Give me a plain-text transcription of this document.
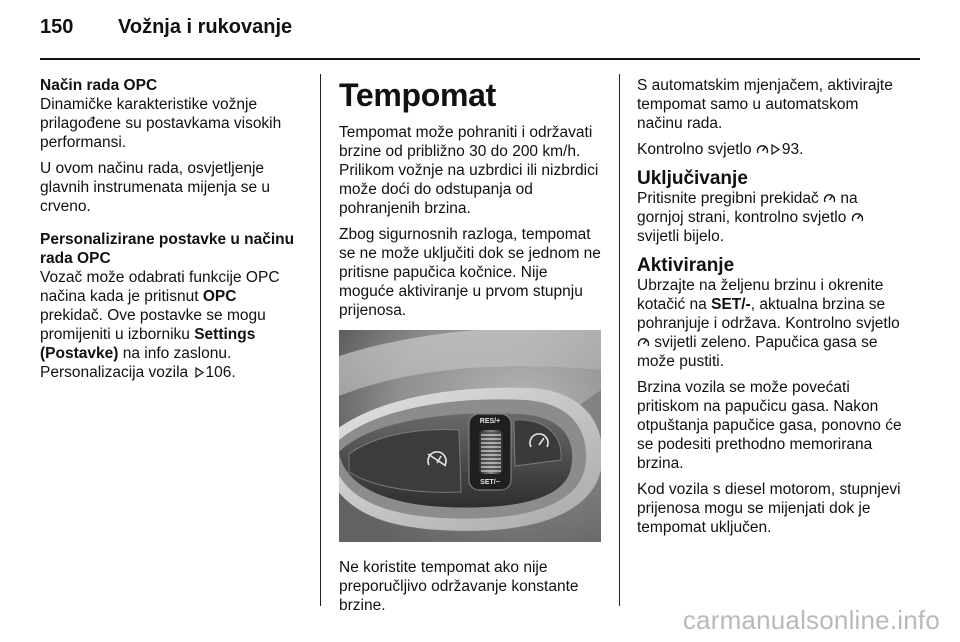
150	Vožnja i rukovanje
Način rada OPC

Dinamičke karakteristike vožnje prilagođene su postavkama visokih performansi.

U ovom načinu rada, osvjetljenje glavnih instrumenata mijenja se u crveno.

Personalizirane postavke u načinu rada OPC

Vozač može odabrati funkcije OPC načina kada je pritisnut OPC prekidač. Ove postavke se mogu promijeniti u izborniku Settings (Postavke) na info zaslonu. Personalizacija vozila 106.

Tempomat

Tempomat može pohraniti i održavati brzine od približno 30 do 200 km/h. Prilikom vožnje na uzbrdici ili nizbrdici može doći do odstupanja od pohranjenih brzina.

Zbog sigurnosnih razloga, tempomat se ne može uključiti dok se jednom ne pritisne papučica kočnice. Nije moguće aktiviranje u prvom stupnju prijenosa.

RES/+
SET/−

Ne koristite tempomat ako nije preporučljivo održavanje konstante brzine.

S automatskim mjenjačem, aktivirajte tempomat samo u automatskom načinu rada.

Kontrolno svjetlo 93.

Uključivanje

Pritisnite pregibni prekidač  na gornjoj strani, kontrolno svjetlo  svijetli bijelo.

Aktiviranje

Ubrzajte na željenu brzinu i okrenite kotačić na SET/-, aktualna brzina se pohranjuje i održava. Kontrolno svjetlo  svijetli zeleno. Papučica gasa se može pustiti.

Brzina vozila se može povećati pritiskom na papučicu gasa. Nakon otpuštanja papučice gasa, ponovno će se podesiti prethodno memorirana brzina.

Kod vozila s diesel motorom, stupnjevi prijenosa mogu se mijenjati dok je tempomat uključen.

carmanualsonline.info
